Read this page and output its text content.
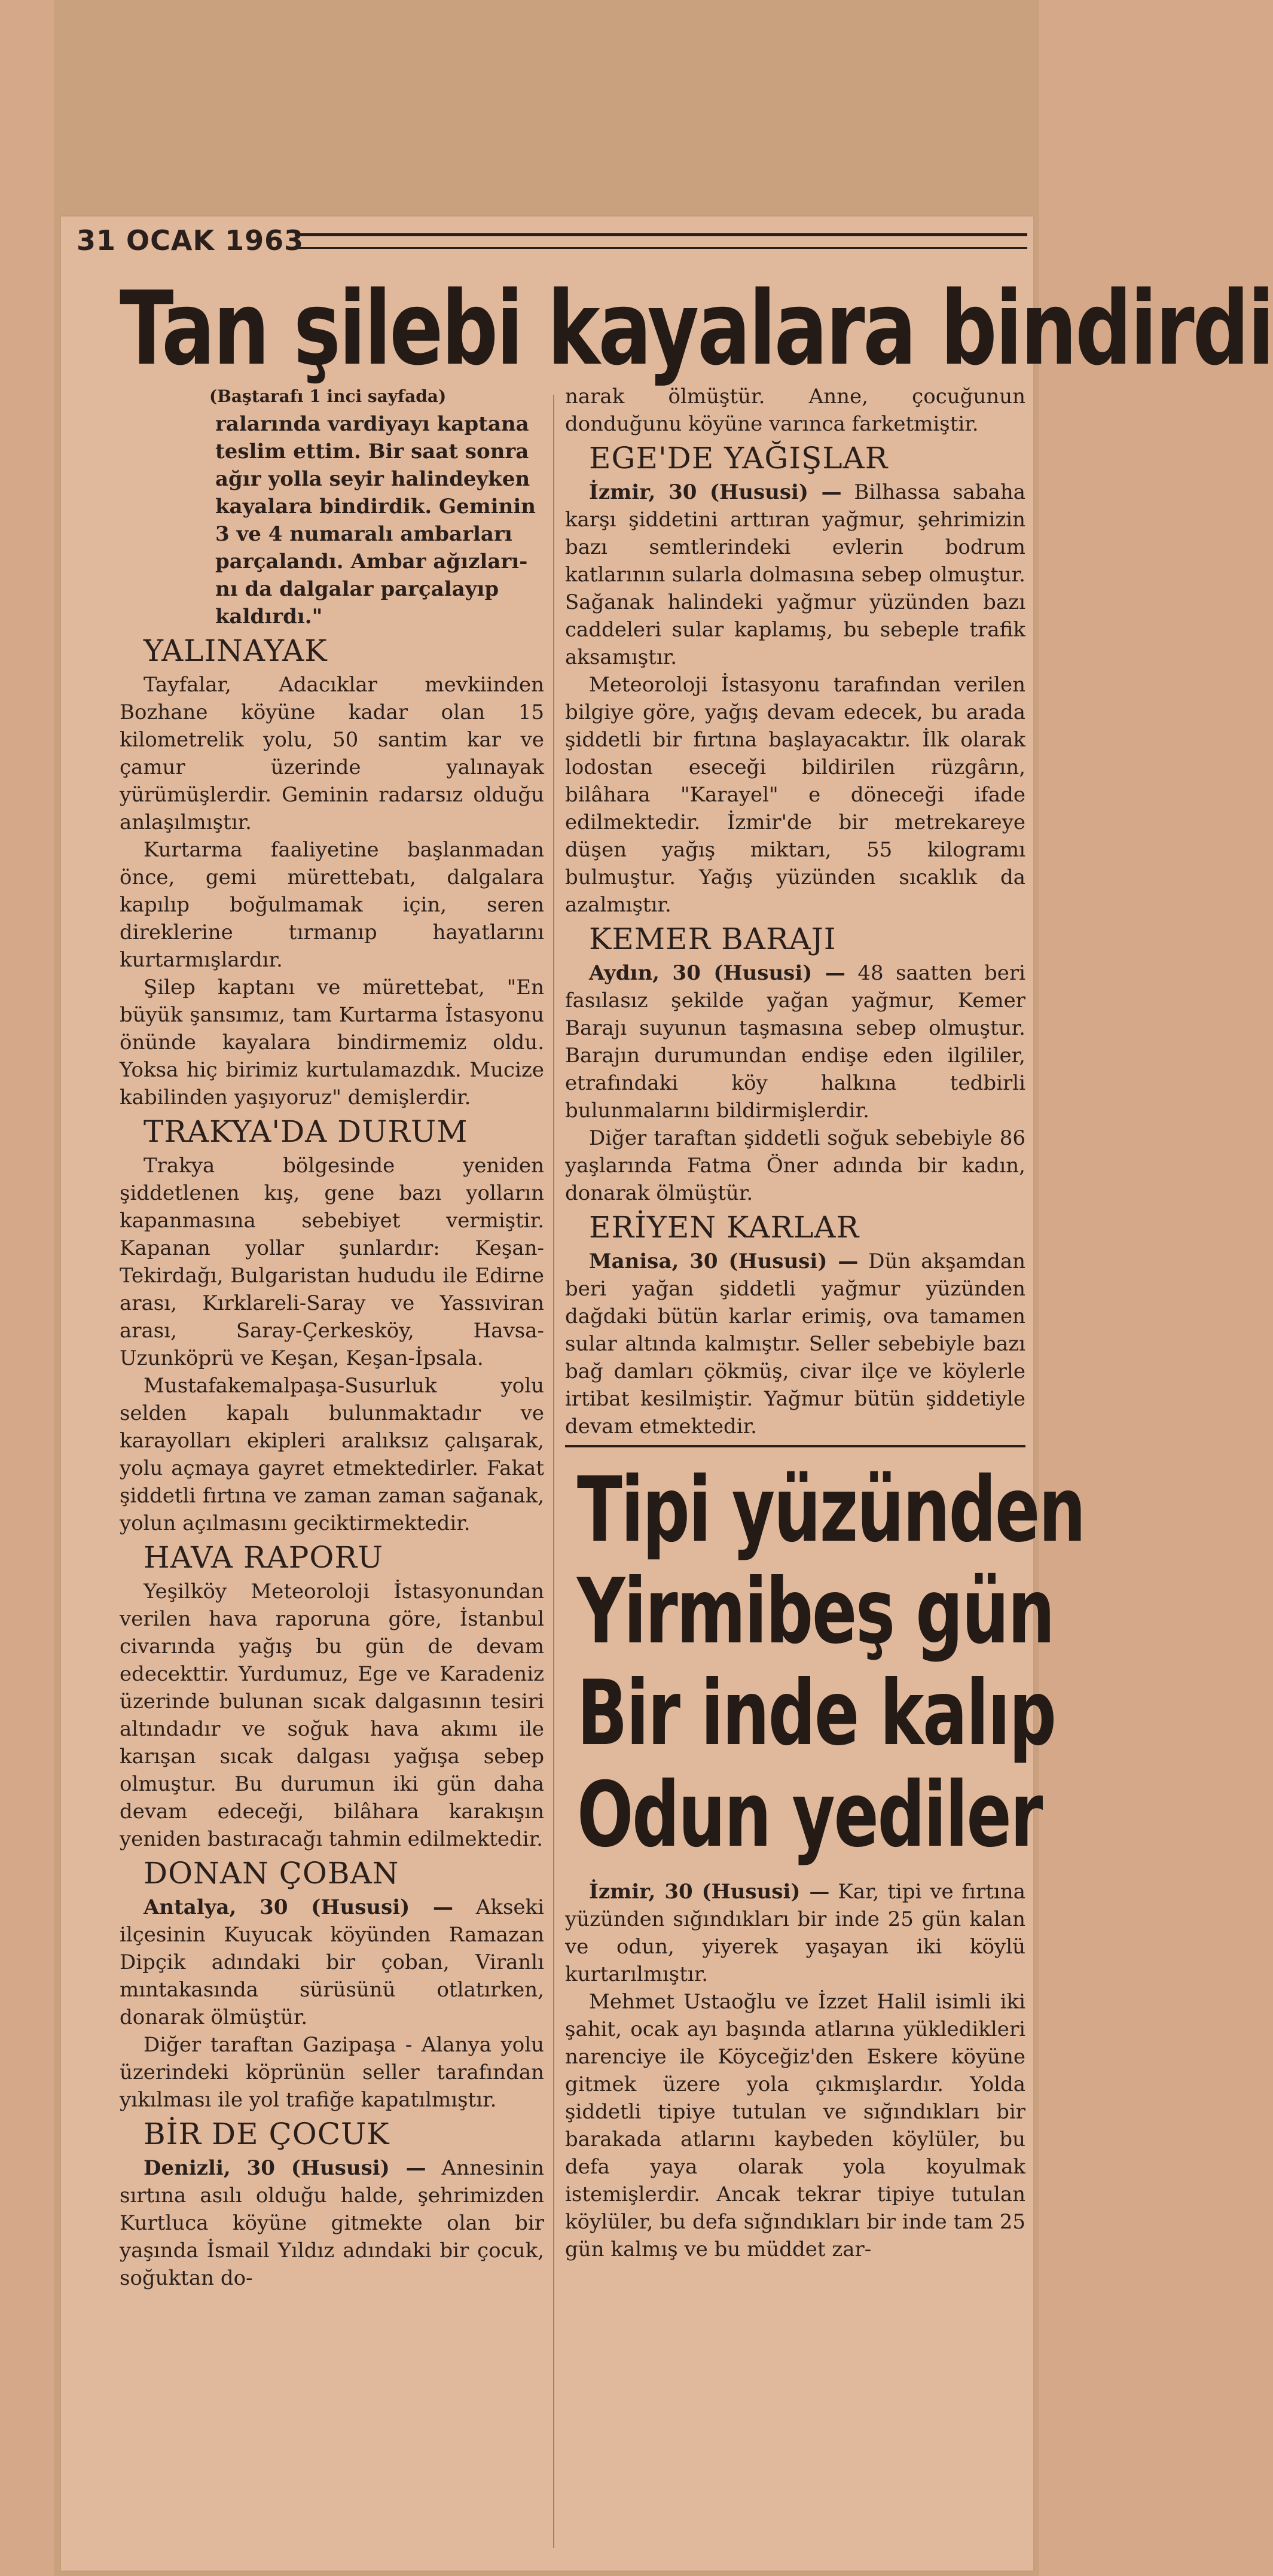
31 OCAK 1963
Tan şilebi kayalara bindirdi

(Baştarafı 1 inci sayfada)

ralarında vardiyayı kaptana

teslim ettim. Bir saat sonra

ağır yolla seyir halindeyken

kayalara bindirdik. Geminin

3 ve 4 numaralı ambarları

parçalandı. Ambar ağızları-

nı da dalgalar parçalayıp

kaldırdı."

YALINAYAK

Tayfalar, Adacıklar mevkiinden Bozhane köyüne kadar olan 15 kilometrelik yolu, 50 santim kar ve çamur üzerinde yalınayak yürümüşlerdir. Geminin radarsız olduğu anlaşılmıştır.

Kurtarma faaliyetine başlanmadan önce, gemi mürettebatı, dalgalara kapılıp boğulmamak için, seren direklerine tırmanıp hayatlarını kurtarmışlardır.

Şilep kaptanı ve mürettebat, "En büyük şansımız, tam Kurtarma İstasyonu önünde kayalara bindirmemiz oldu. Yoksa hiç birimiz kurtulamazdık. Mucize kabilinden yaşıyoruz" demişlerdir.

TRAKYA'DA DURUM

Trakya bölgesinde yeniden şiddetlenen kış, gene bazı yolların kapanmasına sebebiyet vermiştir. Kapanan yollar şunlardır: Keşan-Tekirdağı, Bulgaristan hududu ile Edirne arası, Kırklareli-Saray ve Yassıviran arası, Saray-Çerkesköy, Havsa-Uzunköprü ve Keşan, Keşan-İpsala.

Mustafakemalpaşa-Susurluk yolu selden kapalı bulunmaktadır ve karayolları ekipleri aralıksız çalışarak, yolu açmaya gayret etmektedirler. Fakat şiddetli fırtına ve zaman zaman sağanak, yolun açılmasını geciktirmektedir.

HAVA RAPORU

Yeşilköy Meteoroloji İstasyonundan verilen hava raporuna göre, İstanbul civarında yağış bu gün de devam edecekttir. Yurdumuz, Ege ve Karadeniz üzerinde bulunan sıcak dalgasının tesiri altındadır ve soğuk hava akımı ile karışan sıcak dalgası yağışa sebep olmuştur. Bu durumun iki gün daha devam edeceği, bilâhara karakışın yeniden bastıracağı tahmin edilmektedir.

DONAN ÇOBAN

Antalya, 30 (Hususi) — Akseki ilçesinin Kuyucak köyünden Ramazan Dipçik adındaki bir çoban, Viranlı mıntakasında sürüsünü otlatırken, donarak ölmüştür.

Diğer taraftan Gazipaşa - Alanya yolu üzerindeki köprünün seller tarafından yıkılması ile yol trafiğe kapatılmıştır.

BİR DE ÇOCUK

Denizli, 30 (Hususi) — Annesinin sırtına asılı olduğu halde, şehrimizden Kurtluca köyüne gitmekte olan bir yaşında İsmail Yıldız adındaki bir çocuk, soğuktan do-

narak ölmüştür. Anne, çocuğunun donduğunu köyüne varınca farketmiştir.

EGE'DE YAĞIŞLAR

İzmir, 30 (Hususi) — Bilhassa sabaha karşı şiddetini arttıran yağmur, şehrimizin bazı semtlerindeki evlerin bodrum katlarının sularla dolmasına sebep olmuştur. Sağanak halindeki yağmur yüzünden bazı caddeleri sular kaplamış, bu sebeple trafik aksamıştır.

Meteoroloji İstasyonu tarafından verilen bilgiye göre, yağış devam edecek, bu arada şiddetli bir fırtına başlayacaktır. İlk olarak lodostan eseceği bildirilen rüzgârın, bilâhara "Karayel" e döneceği ifade edilmektedir. İzmir'de bir metrekareye düşen yağış miktarı, 55 kilogramı bulmuştur. Yağış yüzünden sıcaklık da azalmıştır.

KEMER BARAJI

Aydın, 30 (Hususi) — 48 saatten beri fasılasız şekilde yağan yağmur, Kemer Barajı suyunun taşmasına sebep olmuştur. Barajın durumundan endişe eden ilgililer, etrafındaki köy halkına tedbirli bulunmalarını bildirmişlerdir.

Diğer taraftan şiddetli soğuk sebebiyle 86 yaşlarında Fatma Öner adında bir kadın, donarak ölmüştür.

ERİYEN KARLAR

Manisa, 30 (Hususi) — Dün akşamdan beri yağan şiddetli yağmur yüzünden dağdaki bütün karlar erimiş, ova tamamen sular altında kalmıştır. Seller sebebiyle bazı bağ damları çökmüş, civar ilçe ve köylerle irtibat kesilmiştir. Yağmur bütün şiddetiyle devam etmektedir.

Tipi yüzünden
Yirmibeş gün
Bir inde kalıp
Odun yediler

İzmir, 30 (Hususi) — Kar, tipi ve fırtına yüzünden sığındıkları bir inde 25 gün kalan ve odun, yiyerek yaşayan iki köylü kurtarılmıştır.

Mehmet Ustaoğlu ve İzzet Halil isimli iki şahit, ocak ayı başında atlarına yükledikleri narenciye ile Köyceğiz'den Eskere köyüne gitmek üzere yola çıkmışlardır. Yolda şiddetli tipiye tutulan ve sığındıkları bir barakada atlarını kaybeden köylüler, bu defa yaya olarak yola koyulmak istemişlerdir. Ancak tekrar tipiye tutulan köylüler, bu defa sığındıkları bir inde tam 25 gün kalmış ve bu müddet zar-
